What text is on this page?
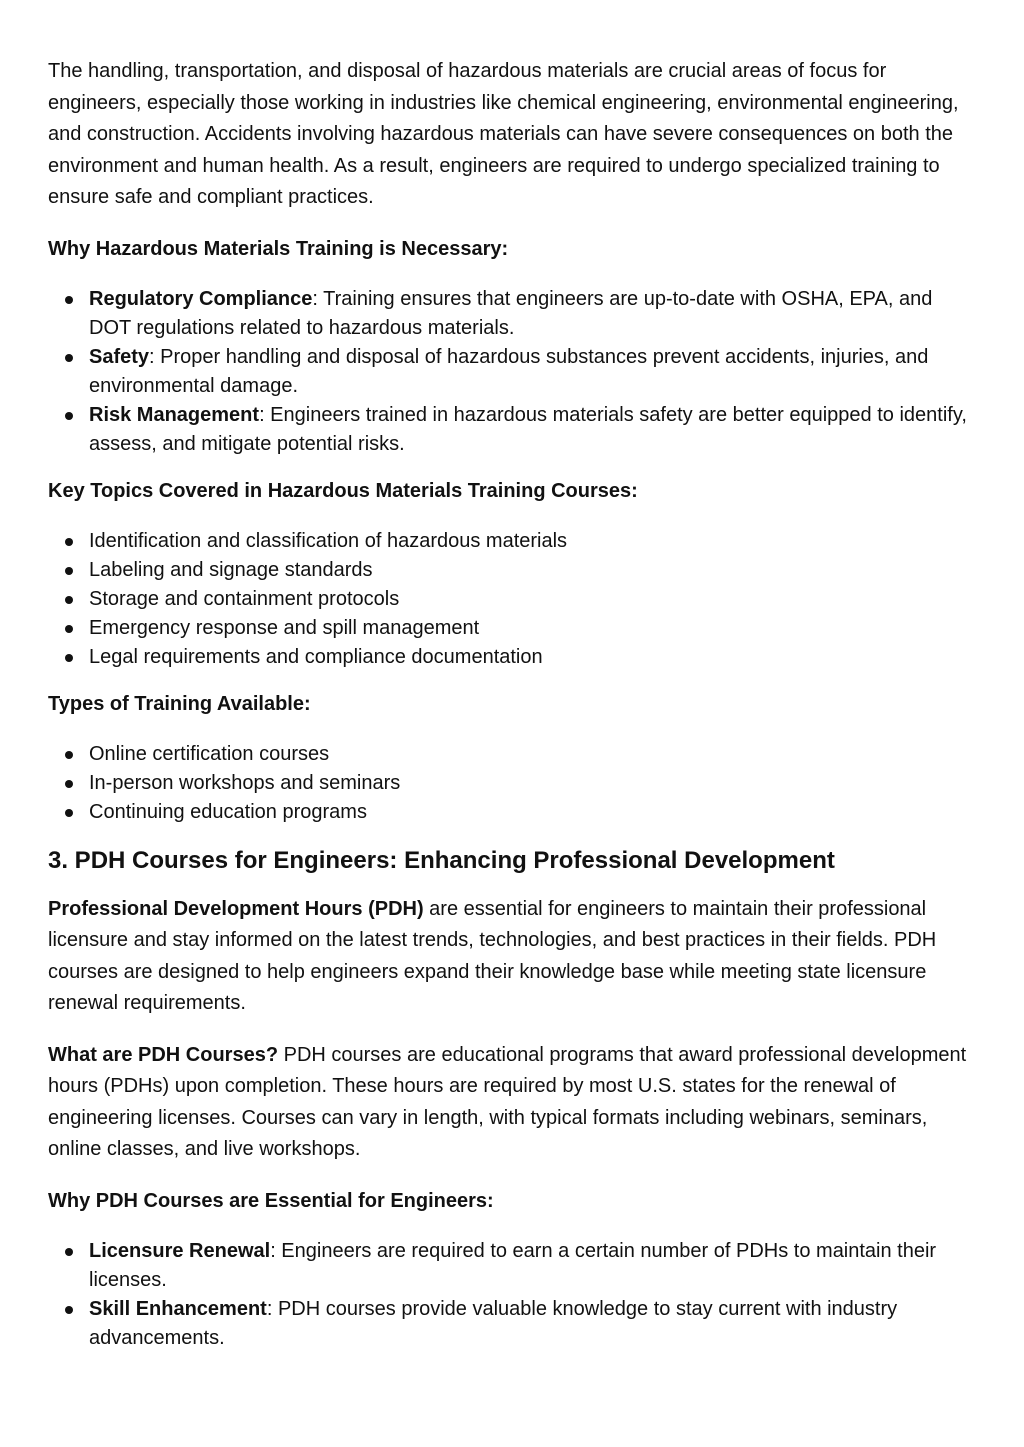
The handling, transportation, and disposal of hazardous materials are crucial areas of focus for engineers, especially those working in industries like chemical engineering, environmental engineering, and construction. Accidents involving hazardous materials can have severe consequences on both the environment and human health. As a result, engineers are required to undergo specialized training to ensure safe and compliant practices.

Why Hazardous Materials Training is Necessary:
Regulatory Compliance: Training ensures that engineers are up-to-date with OSHA, EPA, and DOT regulations related to hazardous materials.
Safety: Proper handling and disposal of hazardous substances prevent accidents, injuries, and environmental damage.
Risk Management: Engineers trained in hazardous materials safety are better equipped to identify, assess, and mitigate potential risks.
Key Topics Covered in Hazardous Materials Training Courses:
Identification and classification of hazardous materials
Labeling and signage standards
Storage and containment protocols
Emergency response and spill management
Legal requirements and compliance documentation
Types of Training Available:
Online certification courses
In-person workshops and seminars
Continuing education programs
3. PDH Courses for Engineers: Enhancing Professional Development

Professional Development Hours (PDH) are essential for engineers to maintain their professional licensure and stay informed on the latest trends, technologies, and best practices in their fields. PDH courses are designed to help engineers expand their knowledge base while meeting state licensure renewal requirements.

What are PDH Courses? PDH courses are educational programs that award professional development hours (PDHs) upon completion. These hours are required by most U.S. states for the renewal of engineering licenses. Courses can vary in length, with typical formats including webinars, seminars, online classes, and live workshops.

Why PDH Courses are Essential for Engineers:
Licensure Renewal: Engineers are required to earn a certain number of PDHs to maintain their licenses.
Skill Enhancement: PDH courses provide valuable knowledge to stay current with industry advancements.
